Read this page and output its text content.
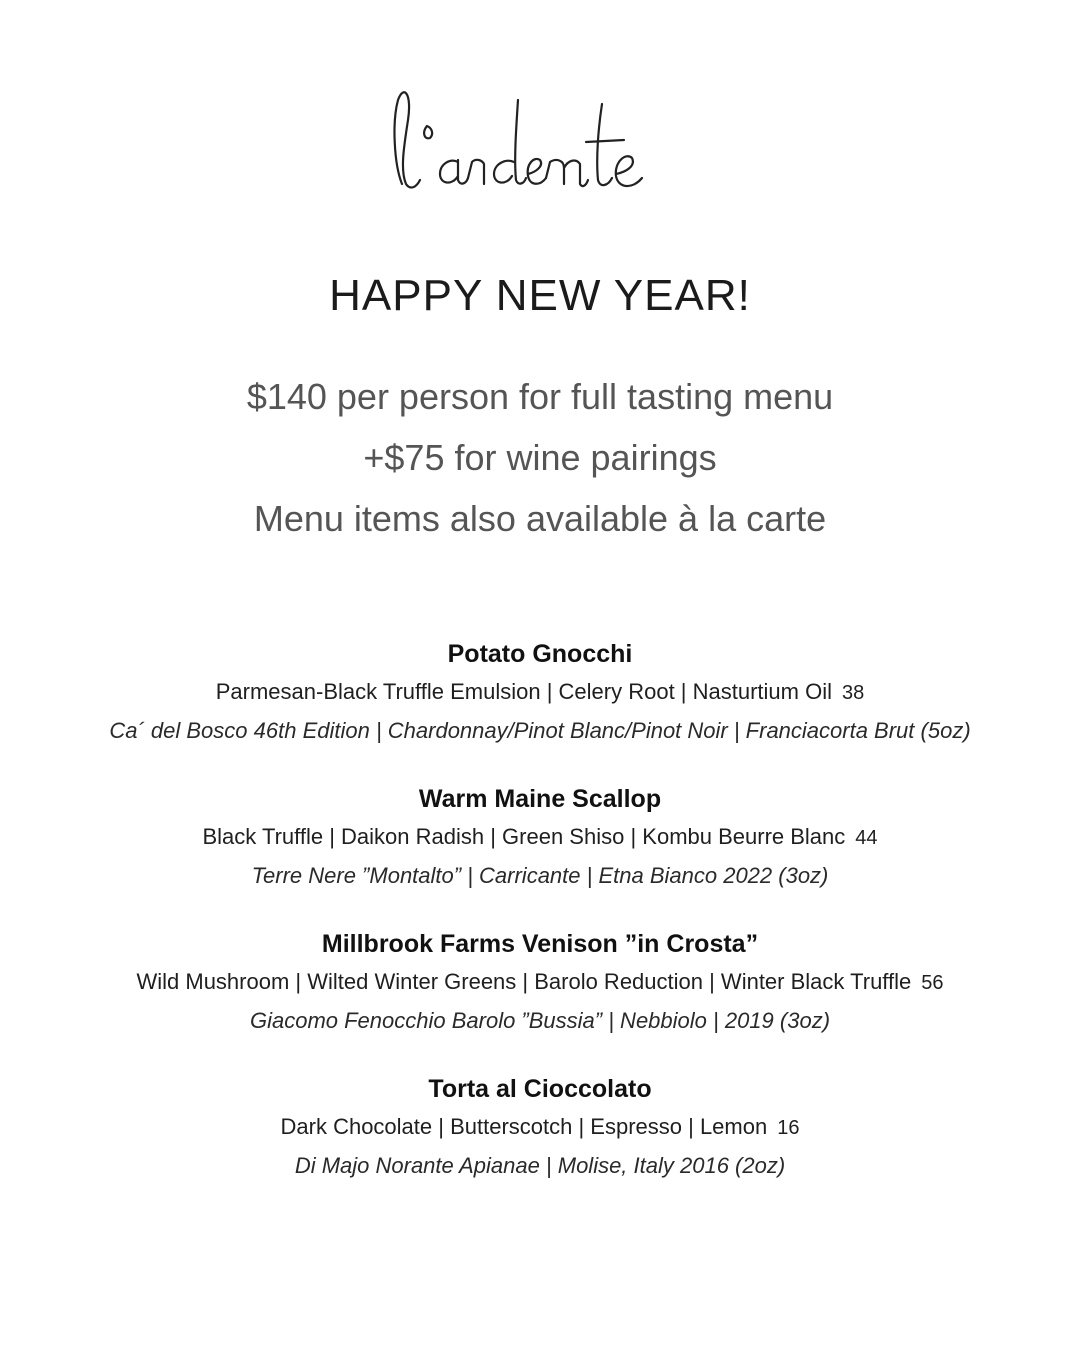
HAPPY NEW YEAR!
$140 per person for full tasting menu
+$75 for wine pairings
Menu items also available à la carte
Potato Gnocchi
Parmesan-Black Truffle Emulsion | Celery Root | Nasturtium Oil 38
Ca´ del Bosco 46th Edition | Chardonnay/Pinot Blanc/Pinot Noir | Franciacorta Brut (5oz)
Warm Maine Scallop
Black Truffle | Daikon Radish | Green Shiso | Kombu Beurre Blanc 44
Terre Nere ”Montalto” | Carricante | Etna Bianco 2022 (3oz)
Millbrook Farms Venison ”in Crosta”
Wild Mushroom | Wilted Winter Greens | Barolo Reduction | Winter Black Truffle 56
Giacomo Fenocchio Barolo ”Bussia” | Nebbiolo | 2019 (3oz)
Torta al Cioccolato
Dark Chocolate | Butterscotch | Espresso | Lemon 16
Di Majo Norante Apianae | Molise, Italy 2016 (2oz)
